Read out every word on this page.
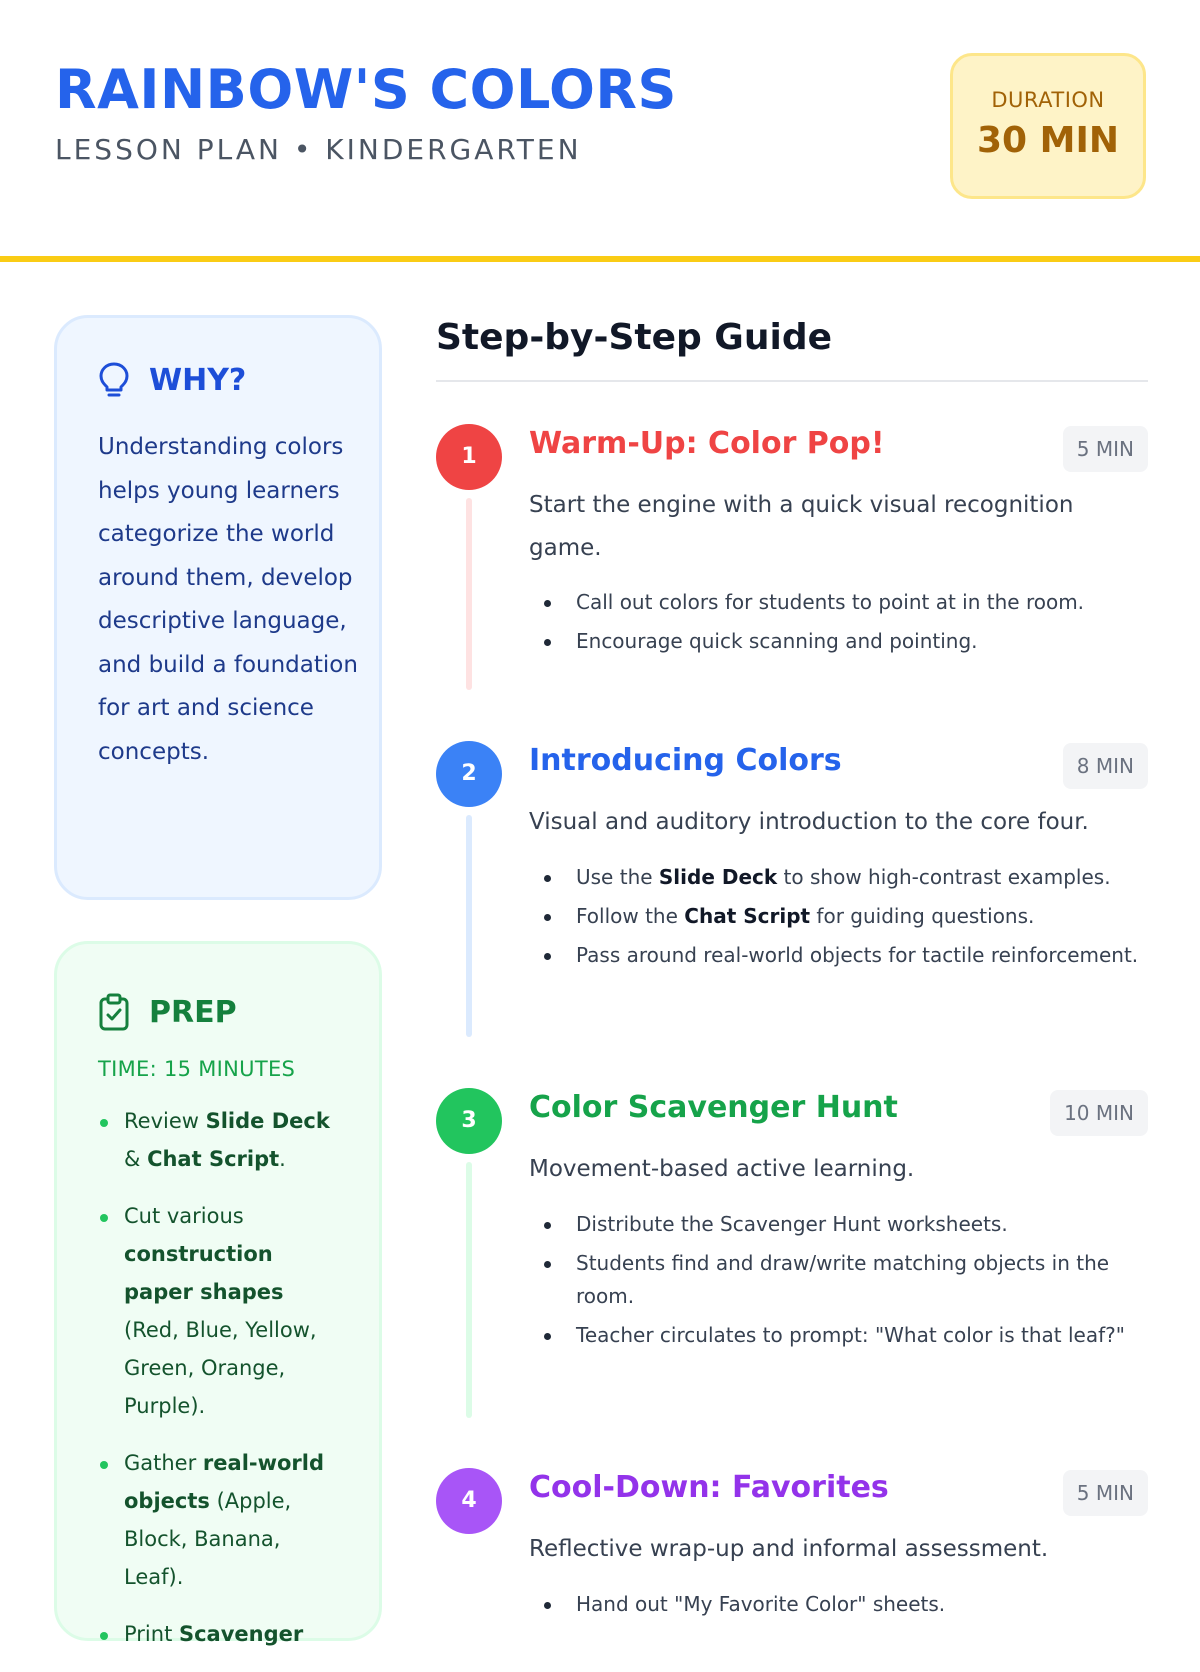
RAINBOW'S COLORS
LESSON PLAN • KINDERGARTEN
DURATION
30 MIN
WHY?
Understanding colors helps young learners categorize the world around them, develop descriptive language, and build a foundation for art and science concepts.
PREP
TIME: 15 MINUTES
Review Slide Deck & Chat Script.
Cut various construction paper shapes (Red, Blue, Yellow, Green, Orange, Purple).
Gather real-world objects (Apple, Block, Banana, Leaf).
Print Scavenger
Step-by-Step Guide
1	Warm-Up: Color Pop!	5 MIN
Start the engine with a quick visual recognition game.
Call out colors for students to point at in the room.
Encourage quick scanning and pointing.
2	Introducing Colors	8 MIN
Visual and auditory introduction to the core four.
Use the Slide Deck to show high-contrast examples.
Follow the Chat Script for guiding questions.
Pass around real-world objects for tactile reinforcement.
3	Color Scavenger Hunt	10 MIN
Movement-based active learning.
Distribute the Scavenger Hunt worksheets.
Students find and draw/write matching objects in the room.
Teacher circulates to prompt: "What color is that leaf?"
4	Cool-Down: Favorites	5 MIN
Reflective wrap-up and informal assessment.
Hand out "My Favorite Color" sheets.
